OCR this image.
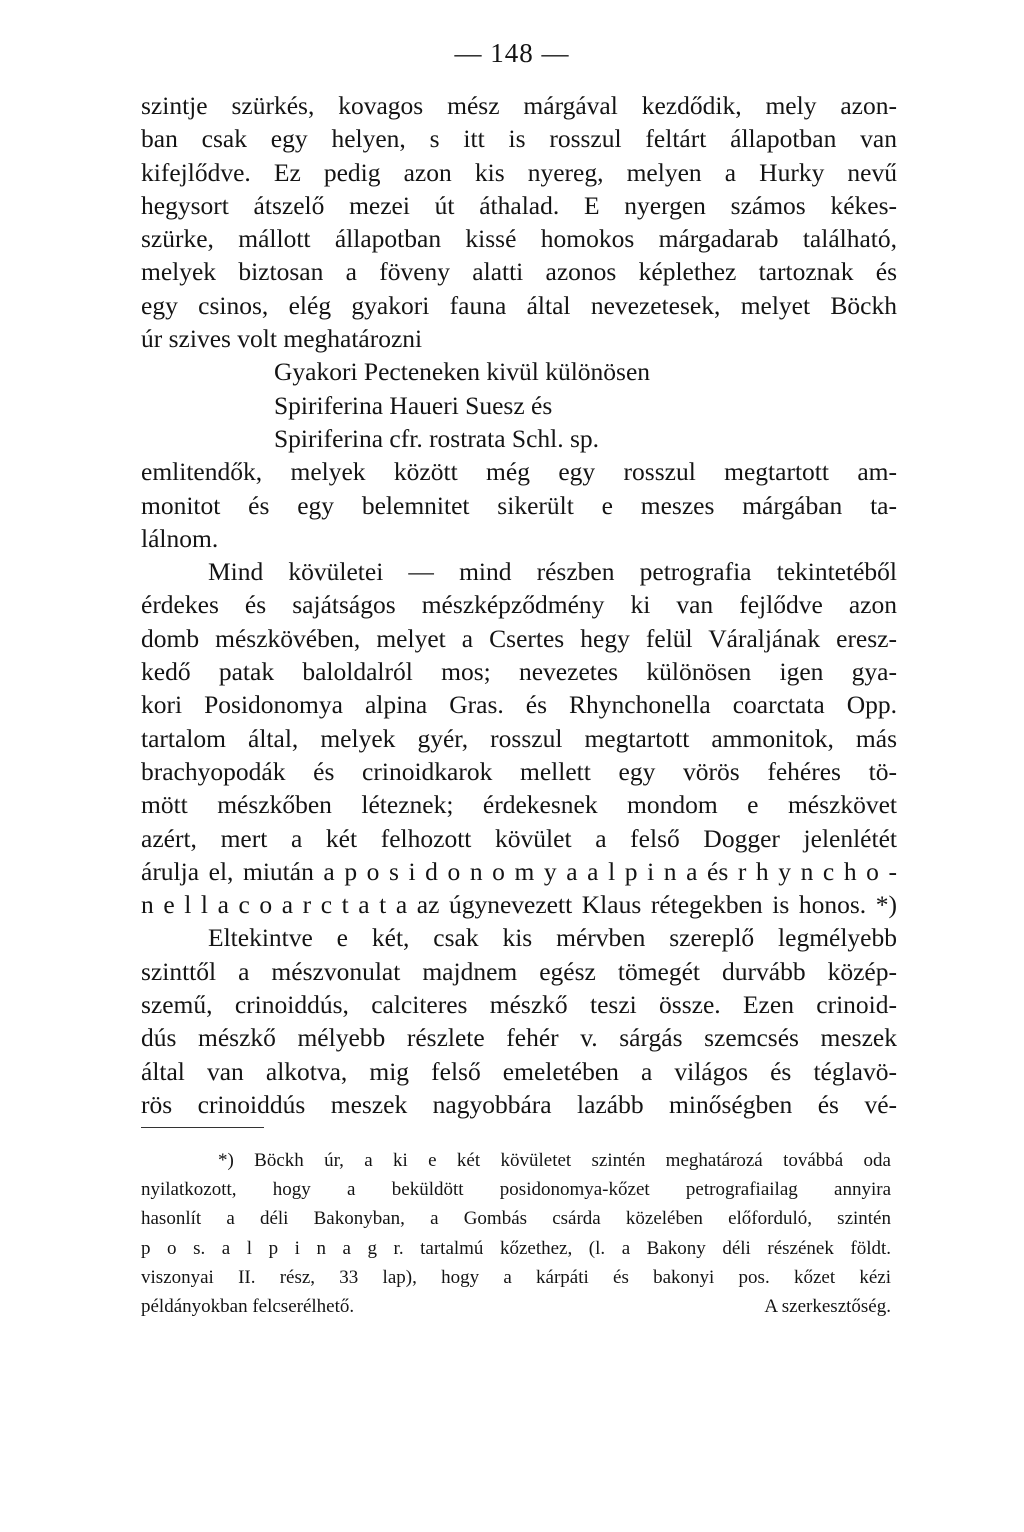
— 148 —
szintje szürkés, kovagos mész márgával kezdődik, mely azon-
ban csak egy helyen, s itt is rosszul feltárt állapotban van
kifejlődve. Ez pedig azon kis nyereg, melyen a Hurky nevű
hegysort átszelő mezei út áthalad. E nyergen számos kékes-
szürke, mállott állapotban kissé homokos márgadarab található,
melyek biztosan a föveny alatti azonos képlethez tartoznak és
egy csinos, elég gyakori fauna által nevezetesek, melyet Böckh
úr szives volt meghatározni
Gyakori Pecteneken kivül különösen
Spiriferina Haueri Suesz és
Spiriferina cfr. rostrata Schl. sp.
emlitendők, melyek között még egy rosszul megtartott am-
monitot és egy belemnitet sikerült e meszes márgában ta-
lálnom.
Mind kövületei — mind részben petrografia tekintetéből
érdekes és sajátságos mészképződmény ki van fejlődve azon
domb mészkövében, melyet a Csertes hegy felül Váraljának eresz-
kedő patak baloldalról mos; nevezetes különösen igen gya-
kori Posidonomya alpina Gras. és Rhynchonella coarctata Opp.
tartalom által, melyek gyér, rosszul megtartott ammonitok, más
brachyopodák és crinoidkarok mellett egy vörös fehéres tö-
mött mészkőben léteznek; érdekesnek mondom e mészkövet
azért, mert a két felhozott kövület a felső Dogger jelenlétét
árulja el, miután a p o s i d o n o m y a a l p i n a és r h y n c h o -
n e l l a c o a r c t a t a az úgynevezett Klaus rétegekben is honos. *)
Eltekintve e két, csak kis mérvben szereplő legmélyebb
szinttől a mészvonulat majdnem egész tömegét durvább közép-
szemű, crinoiddús, calciteres mészkő teszi össze. Ezen crinoid-
dús mészkő mélyebb részlete fehér v. sárgás szemcsés meszek
által van alkotva, mig felső emeletében a világos és téglavö-
rös crinoiddús meszek nagyobbára lazább minőségben és vé-
*) Böckh úr, a ki e két kövületet szintén meghatározá továbbá oda
nyilatkozott, hogy a beküldött posidonomya-kőzet petrografiailag annyira
hasonlít a déli Bakonyban, a Gombás csárda közelében előforduló, szintén
p o s. a l p i n a g r. tartalmú kőzethez, (l. a Bakony déli részének földt.
viszonyai II. rész, 33 lap), hogy a kárpáti és bakonyi pos. kőzet kézi
példányokban felcserélhető.	A szerkesztőség.
